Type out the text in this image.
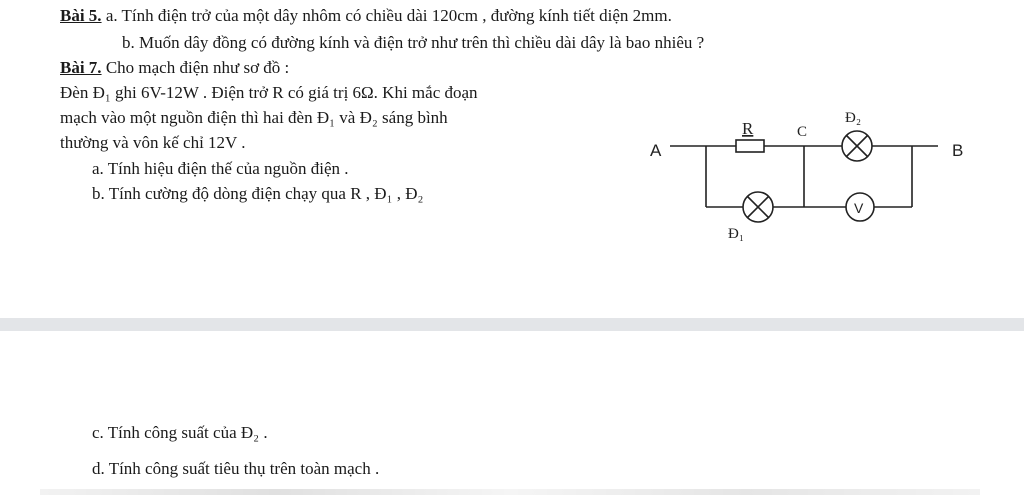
Bài 5. a. Tính điện trở của một dây nhôm có chiều dài 120cm , đường kính tiết diện 2mm.
b. Muốn dây đồng có đường kính và điện trở như trên thì chiều dài dây là bao nhiêu ?
Bài 7. Cho mạch điện như sơ đồ :
Đèn Đ₁ ghi 6V-12W . Điện trở R có giá trị 6Ω. Khi mắc đoạn
mạch vào một nguồn điện thì hai đèn Đ₁ và Đ₂ sáng bình
thường và vôn kế chỉ 12V .
a. Tính hiệu điện thế của nguồn điện .
b. Tính cường độ dòng điện chạy qua R , Đ₁ , Đ₂
A	B
R	C
Đ₂
Đ₁
V
c. Tính công suất của Đ₂ .
d. Tính công suất tiêu thụ trên toàn mạch .
